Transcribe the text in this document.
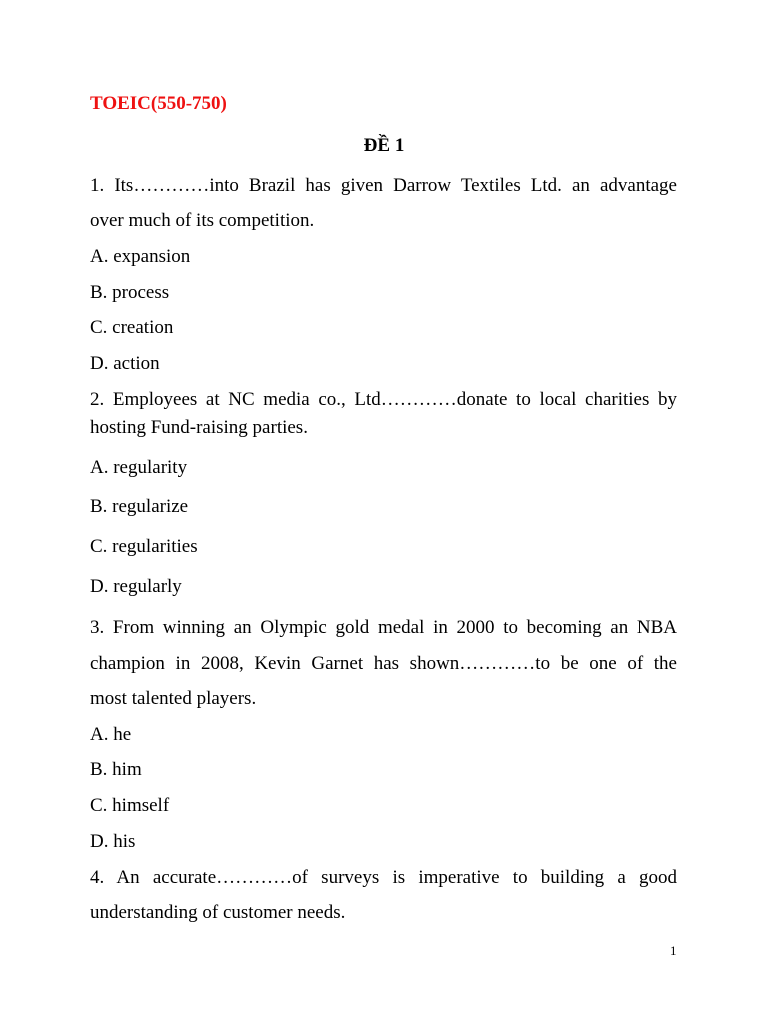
TOEIC(550-750)

ĐỀ 1

1. Its…………into Brazil has given Darrow Textiles Ltd. an advantage

over much of its competition.

A. expansion

B. process

C. creation

D. action

2. Employees at NC media co., Ltd…………donate to local charities by

hosting Fund-raising parties.

A. regularity

B. regularize

C. regularities

D. regularly

3. From winning an Olympic gold medal in 2000 to becoming an NBA

champion in 2008, Kevin Garnet has shown…………to be one of the

most talented players.

A. he

B. him

C. himself

D. his

4. An accurate…………of surveys is imperative to building a good

understanding of customer needs.

1
